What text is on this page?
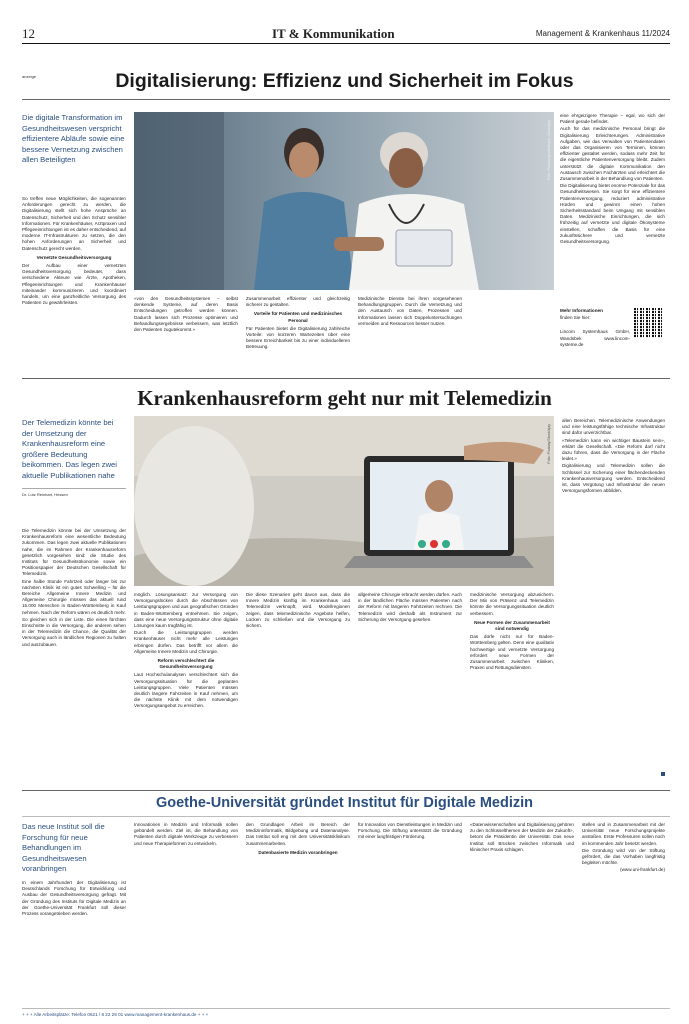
12	IT & Kommunikation	Management & Krankenhaus 11/2024
anzeige	Digitalisierung: Effizienz und Sicherheit im Fokus
Die digitale Transformation im Gesundheitswesen verspricht effizientere Abläufe sowie eine bessere Vernetzung zwischen allen Beteiligten

So treffen neue Möglichkeiten, die sogenannten Anforderungen gerecht zu werden, die Digitalisierung stellt sich hohe Ansprüche an Datenschutz, Sicherheit und den Schutz sensibler Informationen. Für Krankenhäuser, Arztpraxen und Pflegeeinrichtungen ist es daher entscheidend, auf moderne IT-Infrastrukturen zu setzen, die den hohen Anforderungen an Sicherheit und Datenschutz gerecht werden.

Vernetzte Gesundheitsversorgung

Der Aufbau einer vernetzten Gesundheitsversorgung bedeutet, dass verschiedene Akteure wie Ärzte, Apotheken, Pflegeeinrichtungen und Krankenhäuser miteinander kommunizieren und koordiniert handeln, um eine ganzheitliche Versorgung des Patienten zu gewährleisten.

Foto: Pixabay/goalkuthgol, Stock/ajay

«von den Gesundheitssystemen – selbst denkende Systeme, auf deren Basis Entscheidungen getroffen werden können. Dadurch lassen sich Prozesse optimieren und Behandlungsergebnisse verbessern, was letztlich den Patienten zugutekommt.»

Zusammenarbeit effizienter und gleichzeitig sicherer zu gestalten.

Vorteile für Patienten und medizinisches Personal

Für Patienten bietet die Digitalisierung zahlreiche Vorteile: von kürzeren Wartezeiten über eine bessere Erreichbarkeit bis zu einer individuelleren Betreuung.

Medizinische Dienste bei ihren vorgesehenen Behandlungsgruppen. Durch die Vernetzung und den Austausch von Daten, Prozessen und Informationen lassen sich Doppeluntersuchungen vermeiden und Ressourcen besser nutzen.

eine ehrgeizigere Therapie – egal, wo sich der Patient gerade befindet.

Auch für das medizinische Personal bringt die Digitalisierung Erleichterungen. Administrative Aufgaben, wie das Verwalten von Patientendaten oder das Organisieren von Terminen, können effizienter gestaltet werden, sodass mehr Zeit für die eigentliche Patientenversorgung bleibt. Zudem unterstützt die digitale Kommunikation den Austausch zwischen Fachärzten und erleichtert die Zusammenarbeit in der Behandlung von Patienten.

Die Digitalisierung bietet enorme Potenziale für das Gesundheitswesen. Sie sorgt für eine effizientere Patientenversorgung, reduziert administrative Hürden und gewinnt einen hohen Sicherheitsstandard beim Umgang mit sensiblen Daten. Medizinische Einrichtungen, die sich frühzeitig auf vernetzte und digitale Ökosysteme einstellen, schaffen die Basis für eine zukunftssichere und vernetzte Gesundheitsversorgung.

Mehr Informationen

finden Sie hier:

Lincom Systemhaus GmbH, Wandsbek www.lincom-systeme.de

Krankenhausreform geht nur mit Telemedizin
Der Telemedizin könnte bei der Umsetzung der Krankenhausreform eine größere Bedeutung beikommen. Das legen zwei aktuelle Publikationen nahe
Dr. Lutz Reinhart, Hessen

Die Telemedizin könnte bei der Umsetzung der Krankenhausreform eine wesentliche Bedeutung zukommen. Das legen zwei aktuelle Publikationen nahe, die im Rahmen der Krankenhausreform gesetzlich vorgesehen sind: die Studie des Instituts für Gesundheitsökonomie sowie ein Positionspapier der Deutschen Gesellschaft für Telemedizin.

Eine halbe Stunde Fahrtzeit oder länger bis zur nächsten Klinik ist ein gutes Schwelling – für die Bereiche Allgemeine Innere Medizin und Allgemeine Chirurgie müssen das aktuell rund 15.000 Menschen in Baden-Württemberg in Kauf nehmen. Nach der Reform wären es deutlich mehr.

So gleichen sich in der Liste. Die einen fürchten Einschnitte in die Versorgung, die anderen sehen in der Telemedizin die Chance, die Qualität der Versorgung auch in ländlichen Regionen zu halten und auszubauen.

Foto: Pixabay/Stock/ajay

möglich. Lösungsansatz: zur Versorgung von Versorgungslücken durch die Abschlüssen von Leistungsgruppen und aus geografischen Gründen in Baden-Württemberg entnehmen. Sie zeigen, dass eine neue Versorgungsstruktur ohne digitale Lösungen kaum tragfähig ist.

Durch die Leistungsgruppen werden Krankenhäuser nicht mehr alle Leistungen erbringen dürfen. Das betrifft vor allem die Allgemeine Innere Medizin und Chirurgie.

Reform verschlechtert die Gesundheitsversorgung

Laut Hochschulanalysen verschlechtert sich die Versorgungssituation für die geplanten Leistungsgruppen. Viele Patienten müssen deutlich längere Fahrzeiten in Kauf nehmen, um die nächste Klinik mit dem notwendigen Versorgungsangebot zu erreichen.

Die diese Szenarien geht davon aus, dass die Innere Medizin künftig im Krankenhaus und Telemedizin verknüpft, wird. Modellregionen zeigen, dass telemedizinische Angebote helfen, Lücken zu schließen und die Versorgung zu sichern.

allgemeine Chirurgie erbracht werden dürfen. Auch in der ländlichen Fläche müssen Patienten nach der Reform mit längeren Fahrtzeiten rechnen. Die Telemedizin wird deshalb als Instrument zur Sicherung der Versorgung gesehen.

medizinische Versorgung abzusichern. Der Mix von Präsenz und Telemedizin könnte die Versorgungssituation deutlich verbessern.

Neue Formen der Zusammenarbeit sind notwendig

Das dürfe nicht nur für Baden-Württemberg gelten. Denn eine qualitativ hochwertige und vernetzte Versorgung erfordert neue Formen der Zusammenarbeit zwischen Kliniken, Praxen und Rettungsdiensten.

allen Bereichen. Telemedizinische Anwendungen und eine leistungsfähige technische Infrastruktur sind dafür unverzichtbar.

«Telemedizin kann ein wichtiger Baustein sein», erklärt die Gesellschaft. «Die Reform darf nicht dazu führen, dass die Versorgung in der Fläche leidet.»

Digitalisierung und Telemedizin sollen die Schlüssel zur Sicherung einer flächendeckenden Krankenhausversorgung werden. Entscheidend ist, dass Vergütung und Infrastruktur die neuen Versorgungsformen abbilden.

Goethe-Universität gründet Institut für Digitale Medizin
Das neue Institut soll die Forschung für neue Behandlungen im Gesundheitswesen voranbringen

In einem Jahrhundert der Digitalisierung ist Deutschlands Forschung für Entwicklung und Ausbau der Gesundheitsversorgung gefragt. Mit der Gründung des Instituts für Digitale Medizin an der Goethe-Universität Frankfurt soll dieser Prozess vorangetrieben werden.

Innovationen in Medizin und Informatik sollen gebündelt werden. Ziel ist, die Behandlung von Patienten durch digitale Werkzeuge zu verbessern und neue Therapieformen zu entwickeln.

den Grundlagen Arbeit im Bereich der Medizininformatik, Bildgebung und Datenanalyse. Das Institut soll eng mit dem Universitätsklinikum zusammenarbeiten.

Datenbasierte Medizin voranbringen

für Innovation von Dienstleistungen in Medizin und Forschung. Die Stiftung unterstützt die Gründung mit einer langfristigen Förderung.

«Datenwissenschaften und Digitalisierung gehören zu den Schlüsselthemen der Medizin der Zukunft», betont die Präsidentin der Universität. Das neue Institut soll Brücken zwischen Informatik und klinischer Praxis schlagen.

stellen und in Zusammenarbeit mit der Universität neue Forschungsprojekte anstoßen. Erste Professuren sollen noch im kommenden Jahr besetzt werden.

Die Gründung wird von der Stiftung gefördert, die das Vorhaben langfristig begleiten möchte.

(www.uni-frankfurt.de)

+ + + Alle Arbeitsplätze: Telefon 0621 / 8 22 29 01 www.management-krankenhaus.de + + +
